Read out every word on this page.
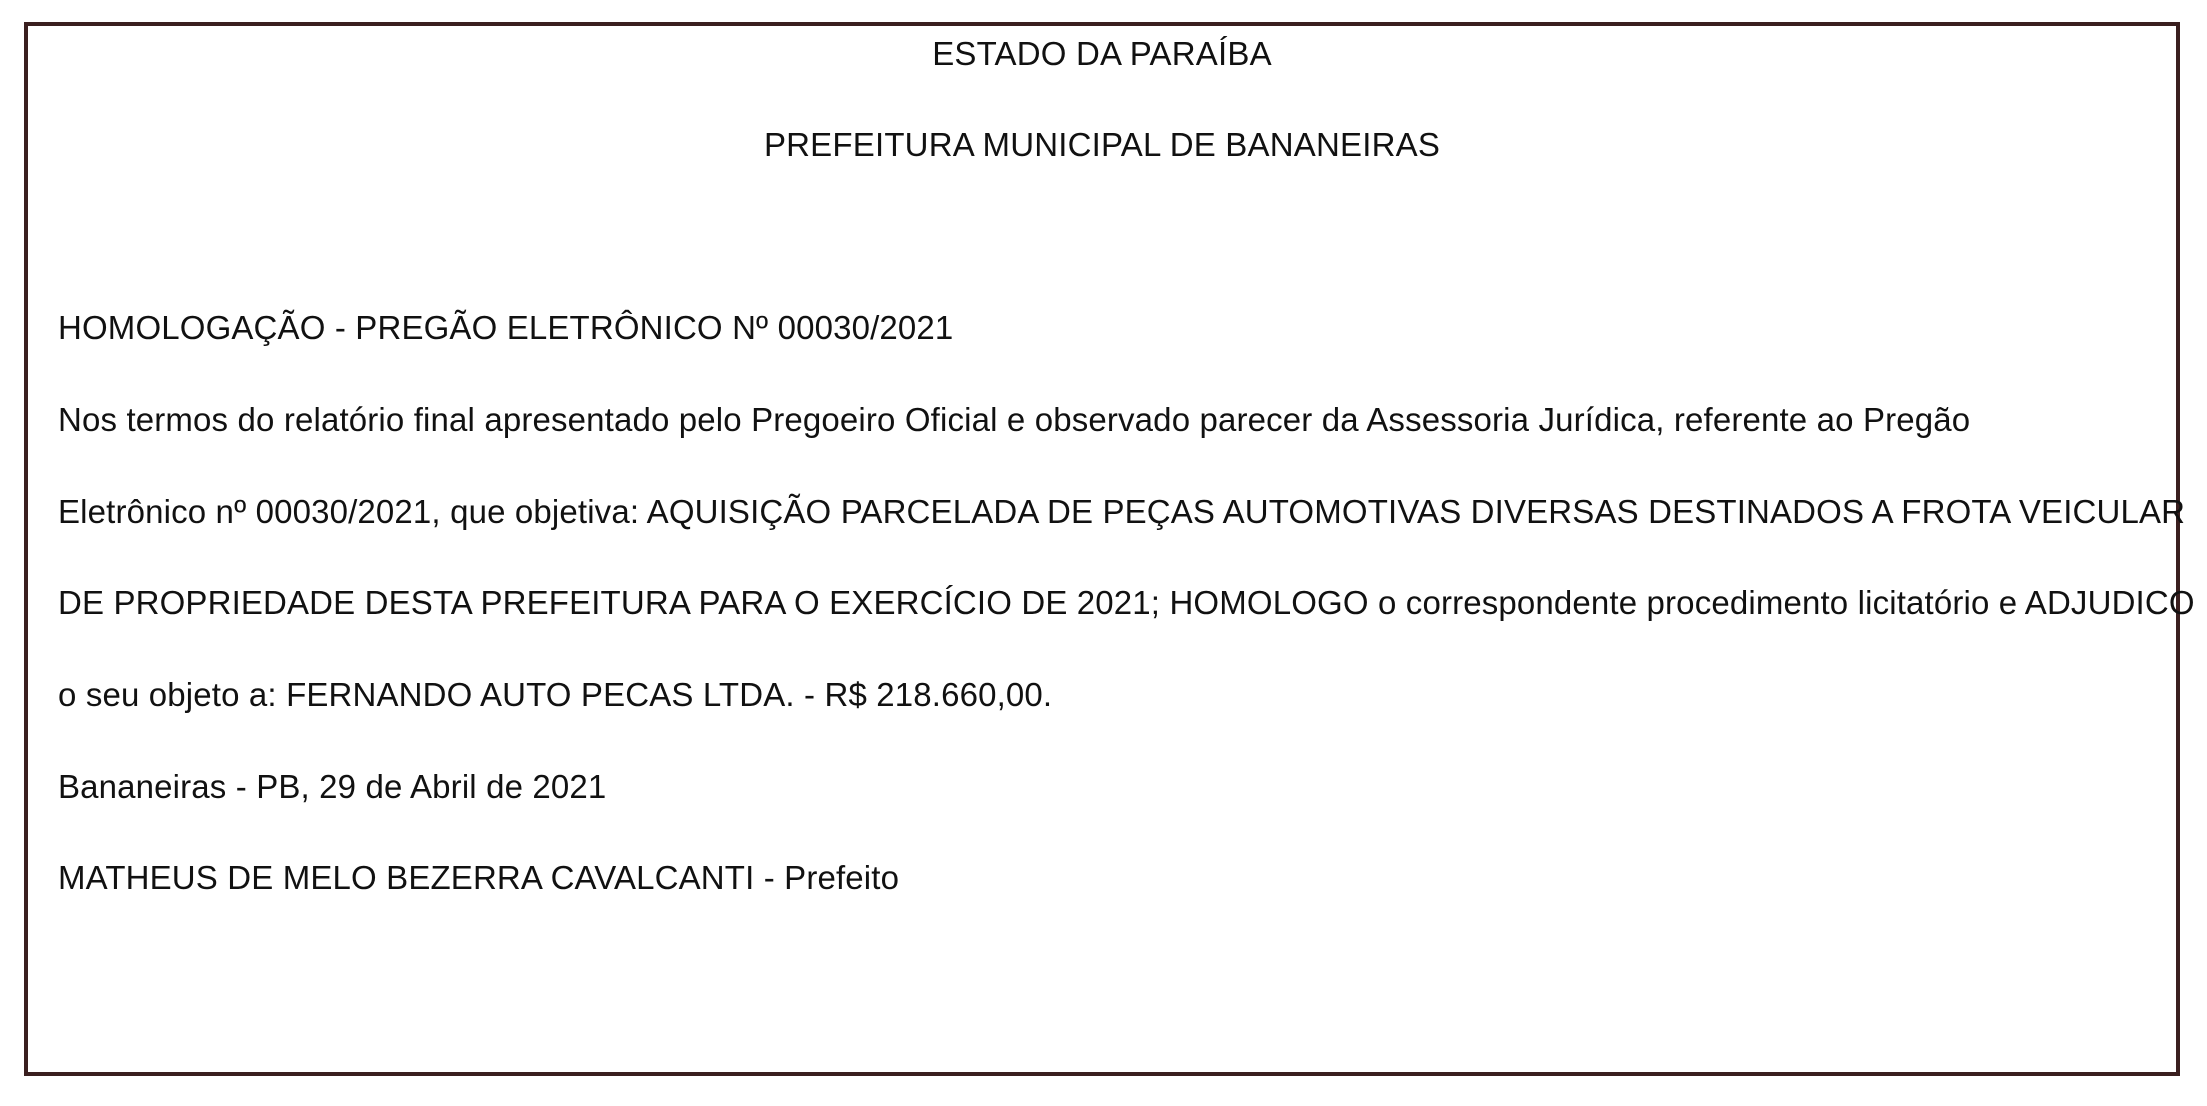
ESTADO DA PARAÍBA
PREFEITURA MUNICIPAL DE BANANEIRAS
HOMOLOGAÇÃO - PREGÃO ELETRÔNICO Nº 00030/2021
Nos termos do relatório final apresentado pelo Pregoeiro Oficial e observado parecer da Assessoria Jurídica, referente ao Pregão
Eletrônico nº 00030/2021, que objetiva: AQUISIÇÃO PARCELADA DE PEÇAS AUTOMOTIVAS DIVERSAS DESTINADOS A FROTA VEICULAR
DE PROPRIEDADE DESTA PREFEITURA PARA O EXERCÍCIO DE 2021; HOMOLOGO o correspondente procedimento licitatório e ADJUDICO
o seu objeto a: FERNANDO AUTO PECAS LTDA. - R$ 218.660,00.
Bananeiras - PB, 29 de Abril de 2021
MATHEUS DE MELO BEZERRA CAVALCANTI - Prefeito
